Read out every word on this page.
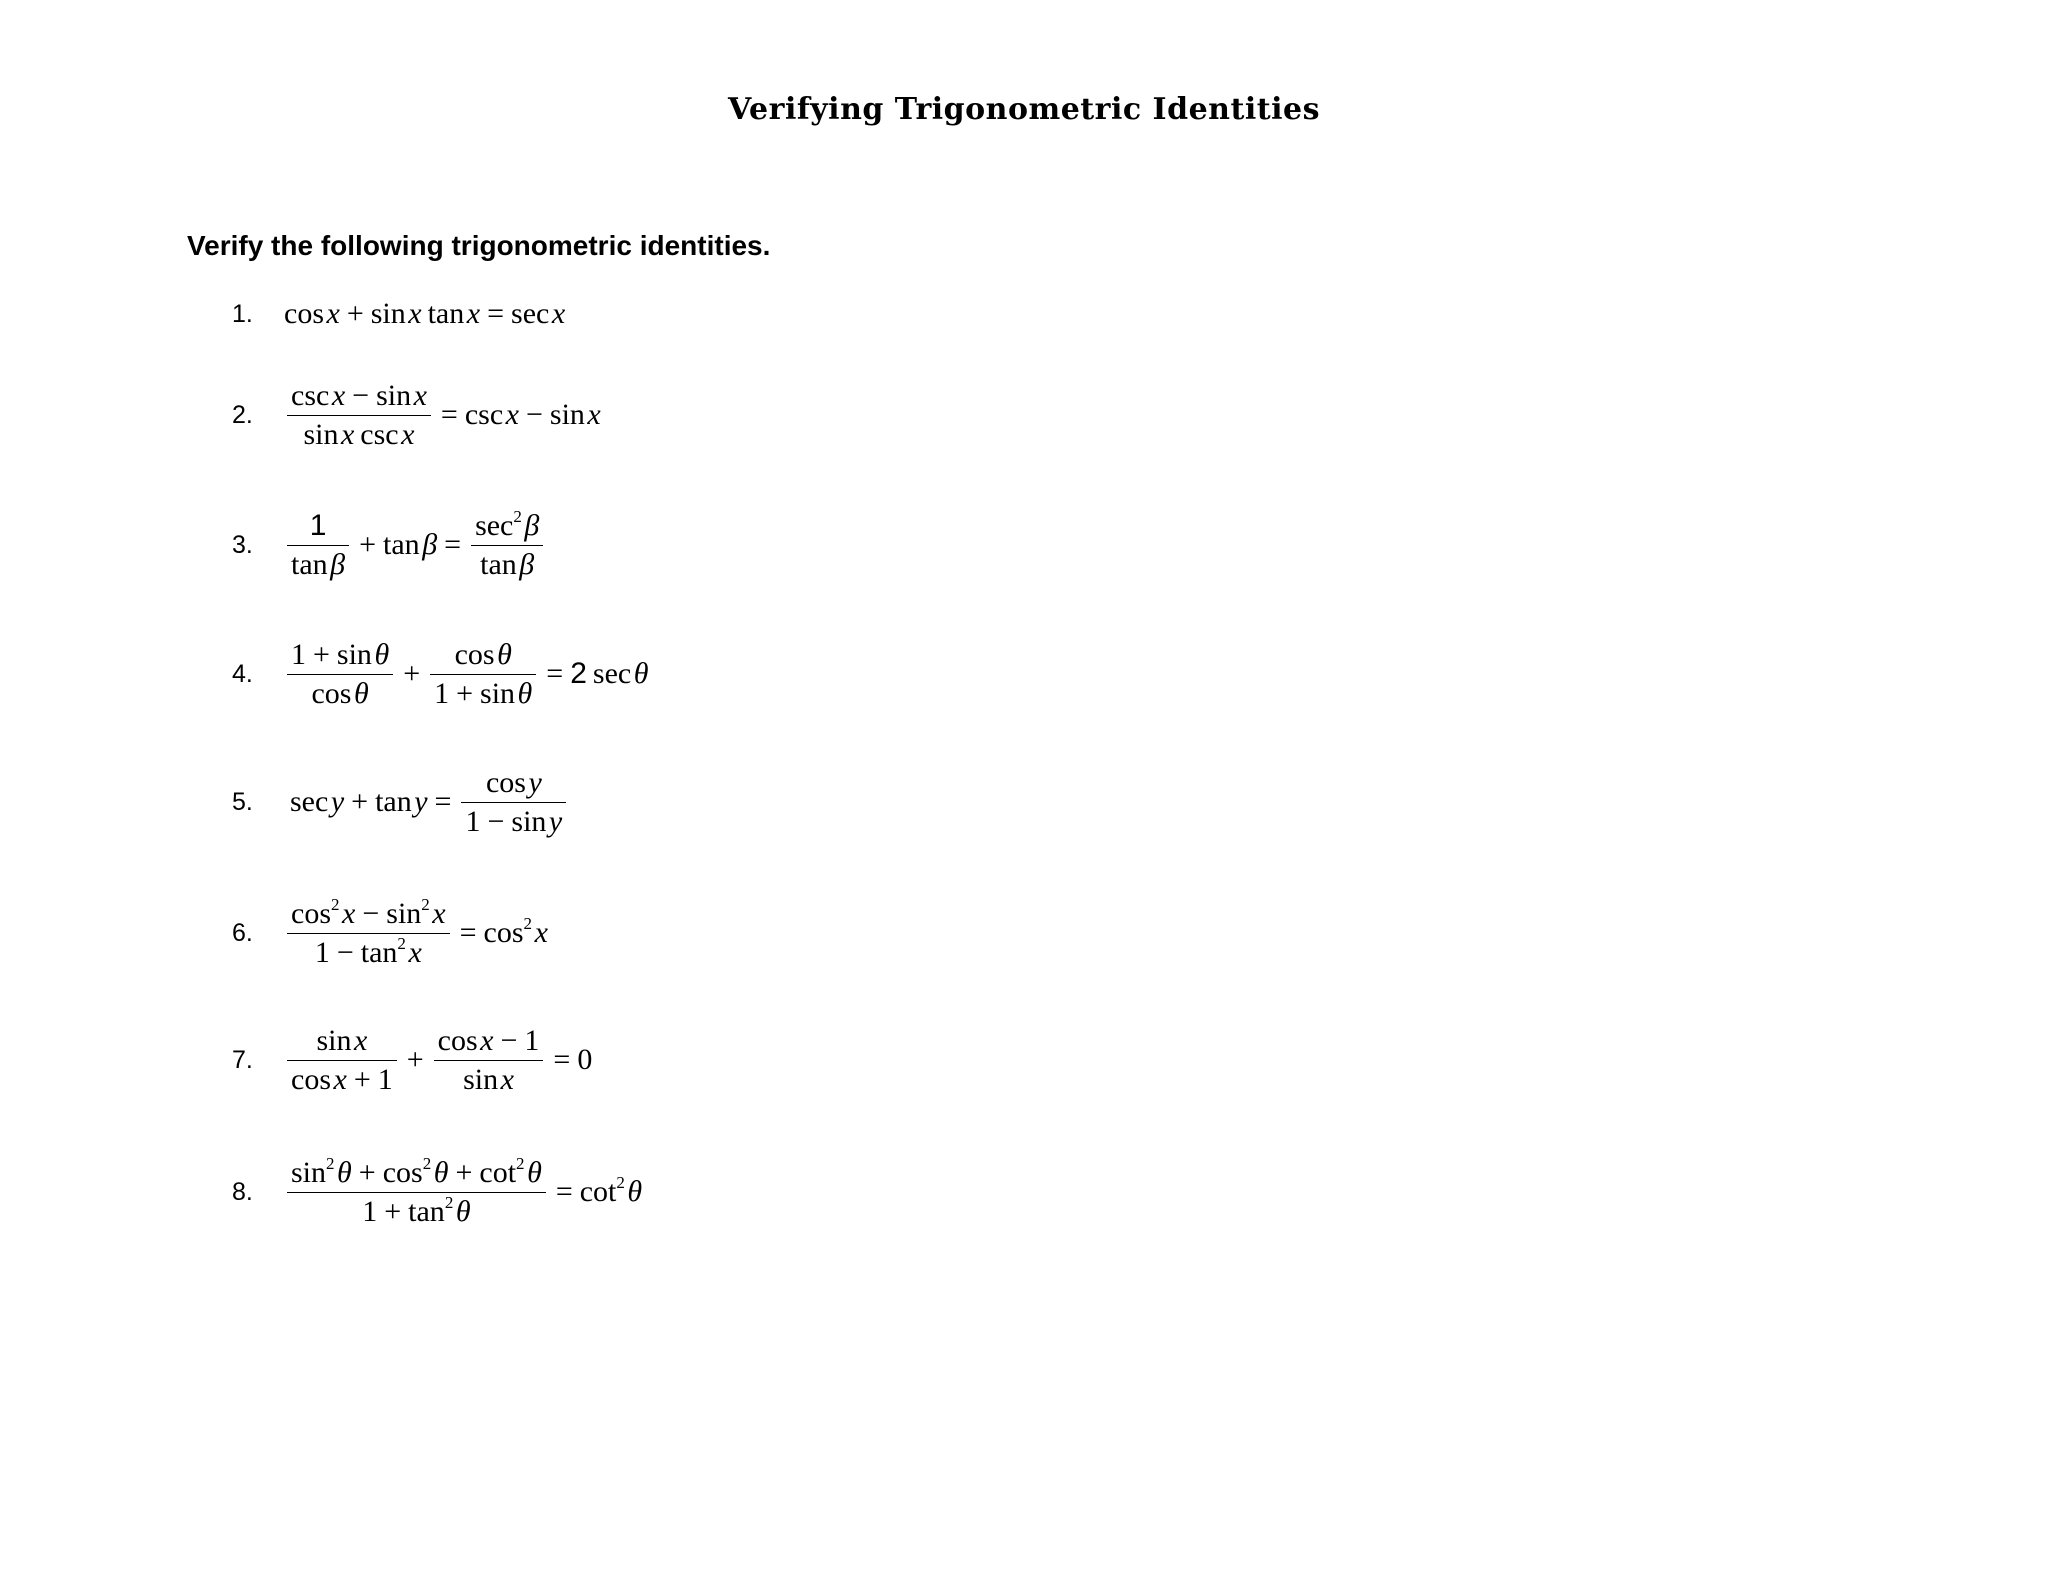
Verifying Trigonometric Identities
Verify the following trigonometric identities.
1. cos x + sin x tan x = sec x
2. $\frac{\text{csc x − sin x}}{\text{sin x csc x}} = \csc$ x − sin x
3. $\frac{1}{\text{tan β}} + \tan$ $\beta = \frac{\sec^2 \beta}{\text{tan β}}$
4. $\frac{\text{1 + sin θ}}{\text{cos θ}} + \frac{\text{cos θ}}{\text{1 + sin θ}} = 2$ sec θ
5. sec y + tan $y = \frac{\text{cos y}}{\text{1 − sin y}}$
6. $\frac{\cos^2 x - \sin^2 x}{1 - \tan^2 x} = \cos^2$ x
7. $\frac{\text{sin x}}{\text{cos x + 1}} + \frac{\text{cos x − 1}}{\text{sin x}} = 0$
8. $\frac{\sin^2 \theta + \cos^2 \theta + \cot^2 \theta}{1 + \tan^2 \theta} = \cot^2$ θ
